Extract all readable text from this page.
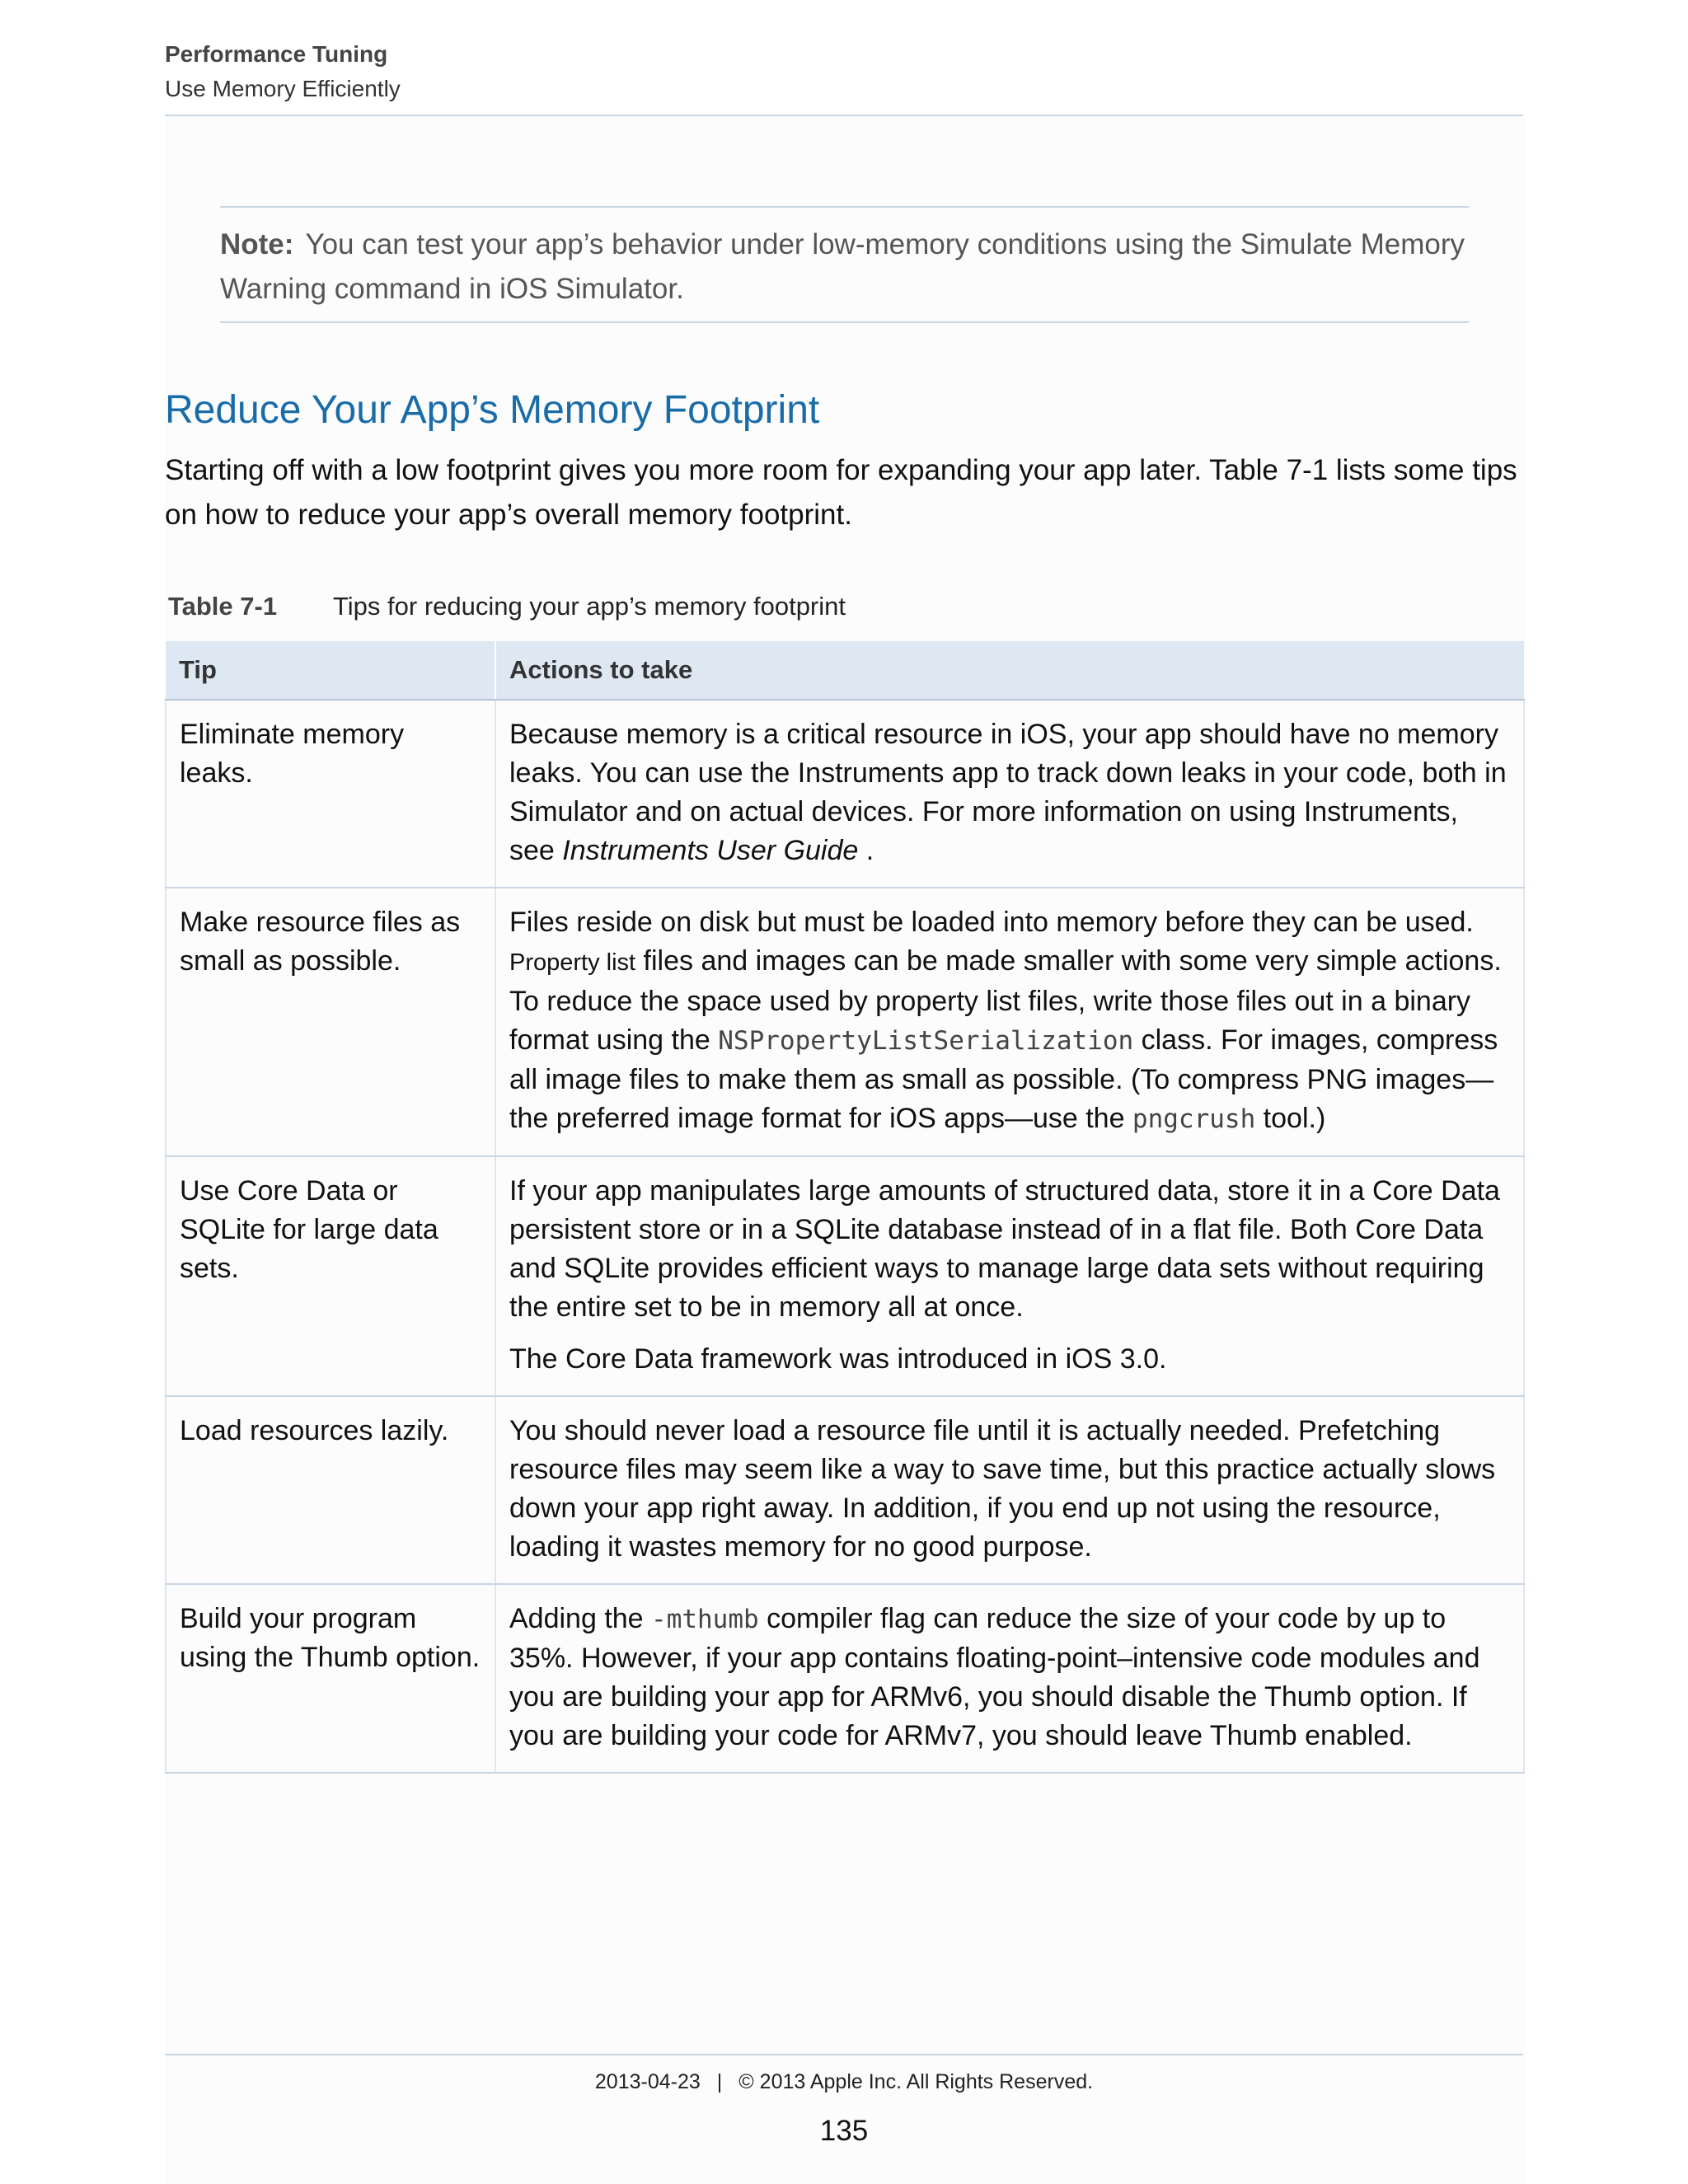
Performance Tuning
Use Memory Efficiently
Note: You can test your app’s behavior under low-memory conditions using the Simulate Memory Warning command in iOS Simulator.
Reduce Your App’s Memory Footprint

Starting off with a low footprint gives you more room for expanding your app later. Table 7-1 lists some tips on how to reduce your app’s overall memory footprint.

Table 7-1 Tips for reducing your app’s memory footprint
Tip	Actions to take
Eliminate memory leaks.	Because memory is a critical resource in iOS, your app should have no memory leaks. You can use the Instruments app to track down leaks in your code, both in Simulator and on actual devices. For more information on using Instruments, see Instruments User Guide .

Make resource files as small as possible.	Files reside on disk but must be loaded into memory before they can be used. Property list files and images can be made smaller with some very simple actions. To reduce the space used by property list files, write those files out in a binary format using the NSPropertyListSerialization class. For images, compress all image files to make them as small as possible. (To compress PNG images—the preferred image format for iOS apps—use the pngcrush tool.)

Use Core Data or SQLite for large data sets.	If your app manipulates large amounts of structured data, store it in a Core Data persistent store or in a SQLite database instead of in a flat file. Both Core Data and SQLite provides efficient ways to manage large data sets without requiring the entire set to be in memory all at once.

The Core Data framework was introduced in iOS 3.0.

Load resources lazily.	You should never load a resource file until it is actually needed. Prefetching resource files may seem like a way to save time, but this practice actually slows down your app right away. In addition, if you end up not using the resource, loading it wastes memory for no good purpose.

Build your program using the Thumb option.	Adding the -mthumb compiler flag can reduce the size of your code by up to 35%. However, if your app contains floating-point–intensive code modules and you are building your app for ARMv6, you should disable the Thumb option. If you are building your code for ARMv7, you should leave Thumb enabled.

2013-04-23 | © 2013 Apple Inc. All Rights Reserved.
135
